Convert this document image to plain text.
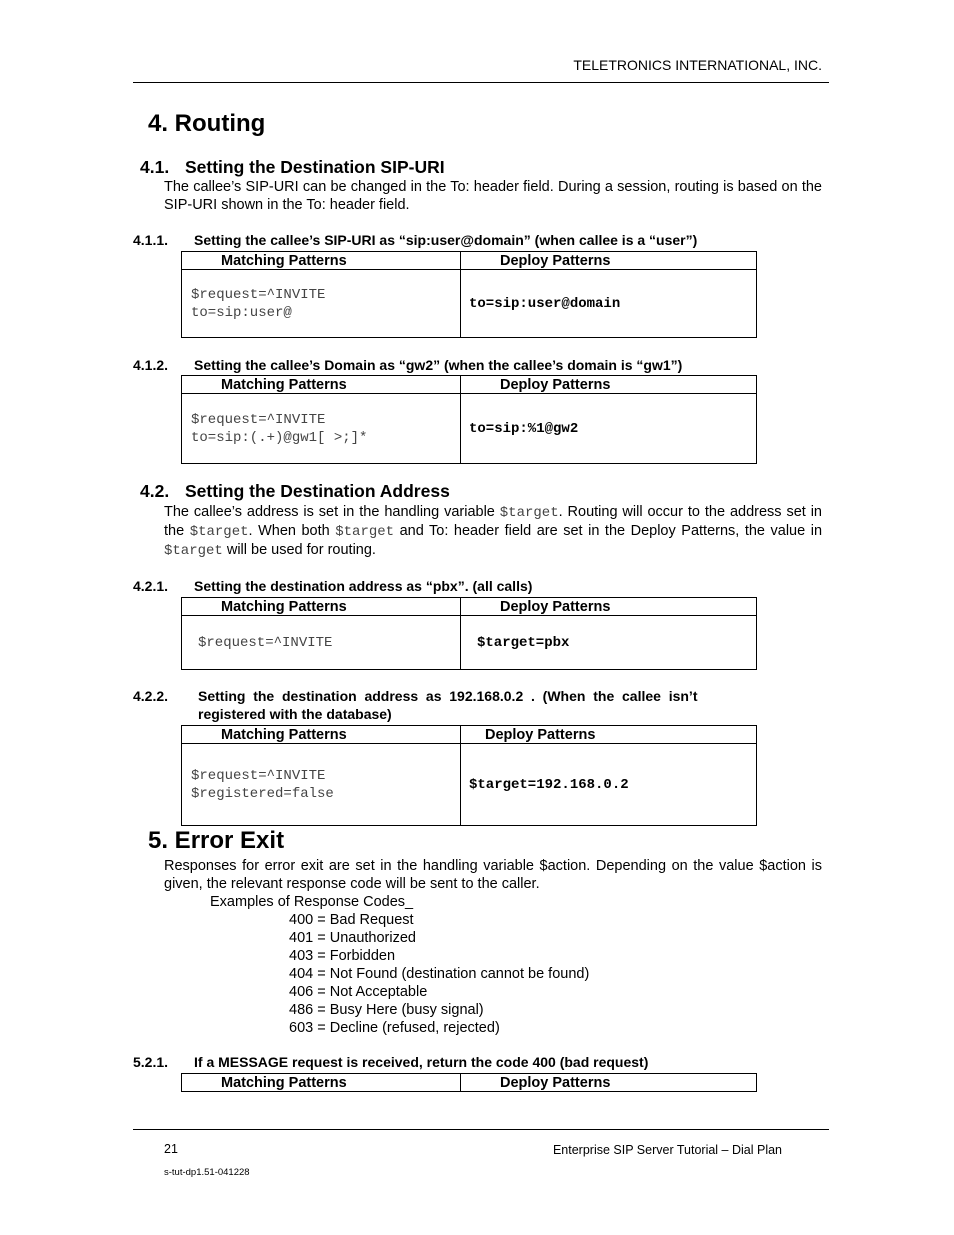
TELETRONICS INTERNATIONAL, INC.
4. Routing
4.1. Setting the Destination SIP-URI
The callee’s SIP-URI can be changed in the To: header field. During a session, routing is based on the SIP-URI shown in the To: header field.
4.1.1. Setting the callee’s SIP-URI as “sip:user@domain” (when callee is a “user”)
Matching Patterns	Deploy Patterns

$request=^INVITE
to=sip:user@	to=sip:user@domain
4.1.2. Setting the callee’s Domain as “gw2” (when the callee’s domain is “gw1”)
Matching Patterns	Deploy Patterns

$request=^INVITE
to=sip:(.+)@gw1[ >;]*	to=sip:%1@gw2
4.2. Setting the Destination Address
The callee’s address is set in the handling variable $target. Routing will occur to the address set in the $target. When both $target and To: header field are set in the Deploy Patterns, the value in $target will be used for routing.
4.2.1. Setting the destination address as “pbx”. (all calls)
Matching Patterns	Deploy Patterns

$request=^INVITE	$target=pbx
4.2.2.	Setting  the  destination  address  as  192.168.0.2  .  (When  the  callee  isn’t
registered with the database)
Matching Patterns	Deploy Patterns

$request=^INVITE
$registered=false	$target=192.168.0.2
5. Error Exit
Responses for error exit are set in the handling variable $action. Depending on the value $action is given, the relevant response code will be sent to the caller.
Examples of Response Codes_
400 = Bad Request
401 = Unauthorized
403 = Forbidden
404 = Not Found (destination cannot be found)
406 = Not Acceptable
486 = Busy Here (busy signal)
603 = Decline (refused, rejected)
5.2.1. If a MESSAGE request is received, return the code 400 (bad request)
Matching Patterns	Deploy Patterns
21	Enterprise SIP Server Tutorial – Dial Plan
s-tut-dp1.51-041228
